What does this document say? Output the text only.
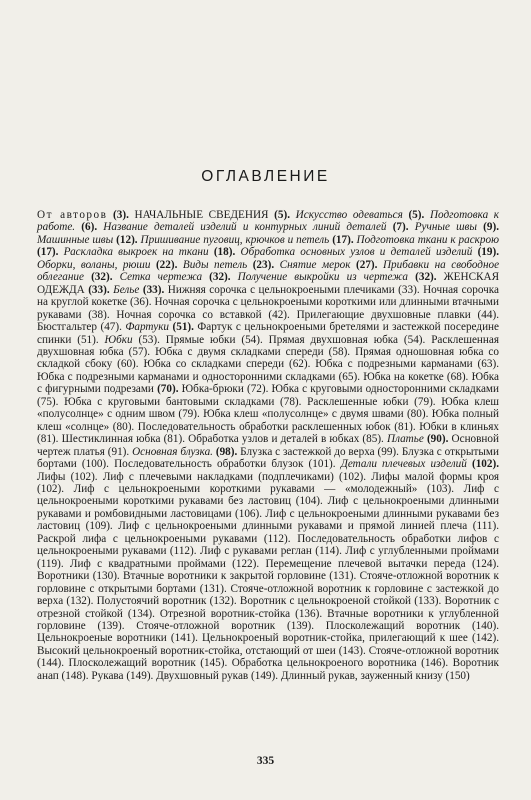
ОГЛАВЛЕНИЕ
От авторов (3). НАЧАЛЬНЫЕ СВЕДЕНИЯ (5). Искусство одеваться (5). Подготовка к работе. (6). Название деталей изделий и контурных линий деталей (7). Ручные швы (9). Машинные швы (12). Пришивание пуговиц, крючков и петель (17). Подготовка ткани к раскрою (17). Раскладка выкроек на ткани (18). Обработка основных узлов и деталей изделий (19). Оборки, воланы, рюши (22). Виды петель (23). Снятие мерок (27). Прибавки на свободное облегание (32). Сетка чертежа (32). Получение выкройки из чертежа (32). ЖЕНСКАЯ ОДЕЖДА (33). Белье (33). Нижняя сорочка с цельнокроеными плечиками (33). Ночная сорочка на круглой кокетке (36). Ночная сорочка с цельнокроеными короткими или длинными втачными рукавами (38). Ночная сорочка со вставкой (42). Прилегающие двухшовные плавки (44). Бюстгальтер (47). Фартуки (51). Фартук с цельнокроеными бретелями и застежкой посередине спинки (51). Юбки (53). Прямые юбки (54). Прямая двухшовная юбка (54). Расклешенная двухшовная юбка (57). Юбка с двумя складками спереди (58). Прямая одношовная юбка со складкой сбоку (60). Юбка со складками спереди (62). Юбка с подрезными карманами (63). Юбка с подрезными карманами и односторонними складками (65). Юбка на кокетке (68). Юбка с фигурными подрезами (70). Юбка-брюки (72). Юбка с круговыми односторонними складками (75). Юбка с круговыми бантовыми складками (78). Расклешенные юбки (79). Юбка клеш «полусолнце» с одним швом (79). Юбка клеш «полусолнце» с двумя швами (80). Юбка полный клеш «солнце» (80). Последовательность обработки расклешенных юбок (81). Юбки в клиньях (81). Шестиклинная юбка (81). Обработка узлов и деталей в юбках (85). Платье (90). Основной чертеж платья (91). Основная блузка. (98). Блузка с застежкой до верха (99). Блузка с открытыми бортами (100). Последовательность обработки блузок (101). Детали плечевых изделий (102). Лифы (102). Лиф с плечевыми накладками (подплечиками) (102). Лифы малой формы кроя (102). Лиф с цельнокроеными короткими рукавами — «молодежный» (103). Лиф с цельнокроеными короткими рукавами без ластовиц (104). Лиф с цельнокроеными длинными рукавами и ромбовидными ластовицами (106). Лиф с цельнокроеными длинными рукавами без ластовиц (109). Лиф с цельнокроеными длинными рукавами и прямой линией плеча (111). Раскрой лифа с цельнокроеными рукавами (112). Последовательность обработки лифов с цельнокроеными рукавами (112). Лиф с рукавами реглан (114). Лиф с углубленными проймами (119). Лиф с квадратными проймами (122). Перемещение плечевой вытачки переда (124). Воротники (130). Втачные воротники к закрытой горловине (131). Стояче-отложной воротник к горловине с открытыми бортами (131). Стояче-отложной воротник к горловине с застежкой до верха (132). Полустоячий воротник (132). Воротник с цельнокроеной стойкой (133). Воротник с отрезной стойкой (134). Отрезной воротник-стойка (136). Втачные воротники к углубленной горловине (139). Стояче-отложной воротник (139). Плосколежащий воротник (140). Цельнокроеные воротники (141). Цельнокроеный воротник-стойка, прилегающий к шее (142). Высокий цельнокроеный воротник-стойка, отстающий от шеи (143). Стояче-отложной воротник (144). Плосколежащий воротник (145). Обработка цельнокроеного воротника (146). Воротник анап (148). Рукава (149). Двухшовный рукав (149). Длинный рукав, зауженный книзу (150)
335
